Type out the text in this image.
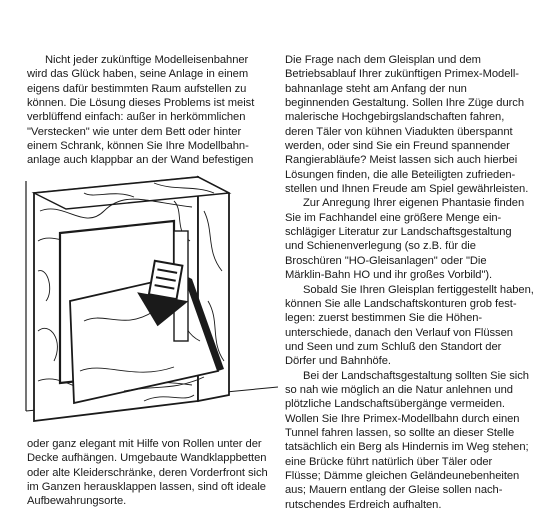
Nicht jeder zukünftige Modelleisenbahner
wird das Glück haben, seine Anlage in einem
eigens dafür bestimmten Raum aufstellen zu
können. Die Lösung dieses Problems ist meist
verblüffend einfach: außer in herkömmlichen
"Verstecken" wie unter dem Bett oder hinter
einem Schrank, können Sie Ihre Modellbahn-
anlage auch klappbar an der Wand befestigen
oder ganz elegant mit Hilfe von Rollen unter der
Decke aufhängen. Umgebaute Wandklappbetten
oder alte Kleiderschränke, deren Vorderfront sich
im Ganzen herausklappen lassen, sind oft ideale
Aufbewahrungsorte.

Die Frage nach dem Gleisplan und dem
Betriebsablauf Ihrer zukünftigen Primex-Modell-
bahnanlage steht am Anfang der nun
beginnenden Gestaltung. Sollen Ihre Züge durch
malerische Hochgebirgslandschaften fahren,
deren Täler von kühnen Viadukten überspannt
werden, oder sind Sie ein Freund spannender
Rangierabläufe? Meist lassen sich auch hierbei
Lösungen finden, die alle Beteiligten zufrieden-
stellen und Ihnen Freude am Spiel gewährleisten.

Zur Anregung Ihrer eigenen Phantasie finden
Sie im Fachhandel eine größere Menge ein-
schlägiger Literatur zur Landschaftsgestaltung
und Schienenverlegung (so z.B. für die
Broschüren "HO-Gleisanlagen" oder "Die
Märklin-Bahn HO und ihr großes Vorbild").

Sobald Sie Ihren Gleisplan fertiggestellt haben,
können Sie alle Landschaftskonturen grob fest-
legen: zuerst bestimmen Sie die Höhen-
unterschiede, danach den Verlauf von Flüssen
und Seen und zum Schluß den Standort der
Dörfer und Bahnhöfe.

Bei der Landschaftsgestaltung sollten Sie sich
so nah wie möglich an die Natur anlehnen und
plötzliche Landschaftsübergänge vermeiden.
Wollen Sie Ihre Primex-Modellbahn durch einen
Tunnel fahren lassen, so sollte an dieser Stelle
tatsächlich ein Berg als Hindernis im Weg stehen;
eine Brücke führt natürlich über Täler oder
Flüsse; Dämme gleichen Geländeunebenheiten
aus; Mauern entlang der Gleise sollen nach-
rutschendes Erdreich aufhalten.
